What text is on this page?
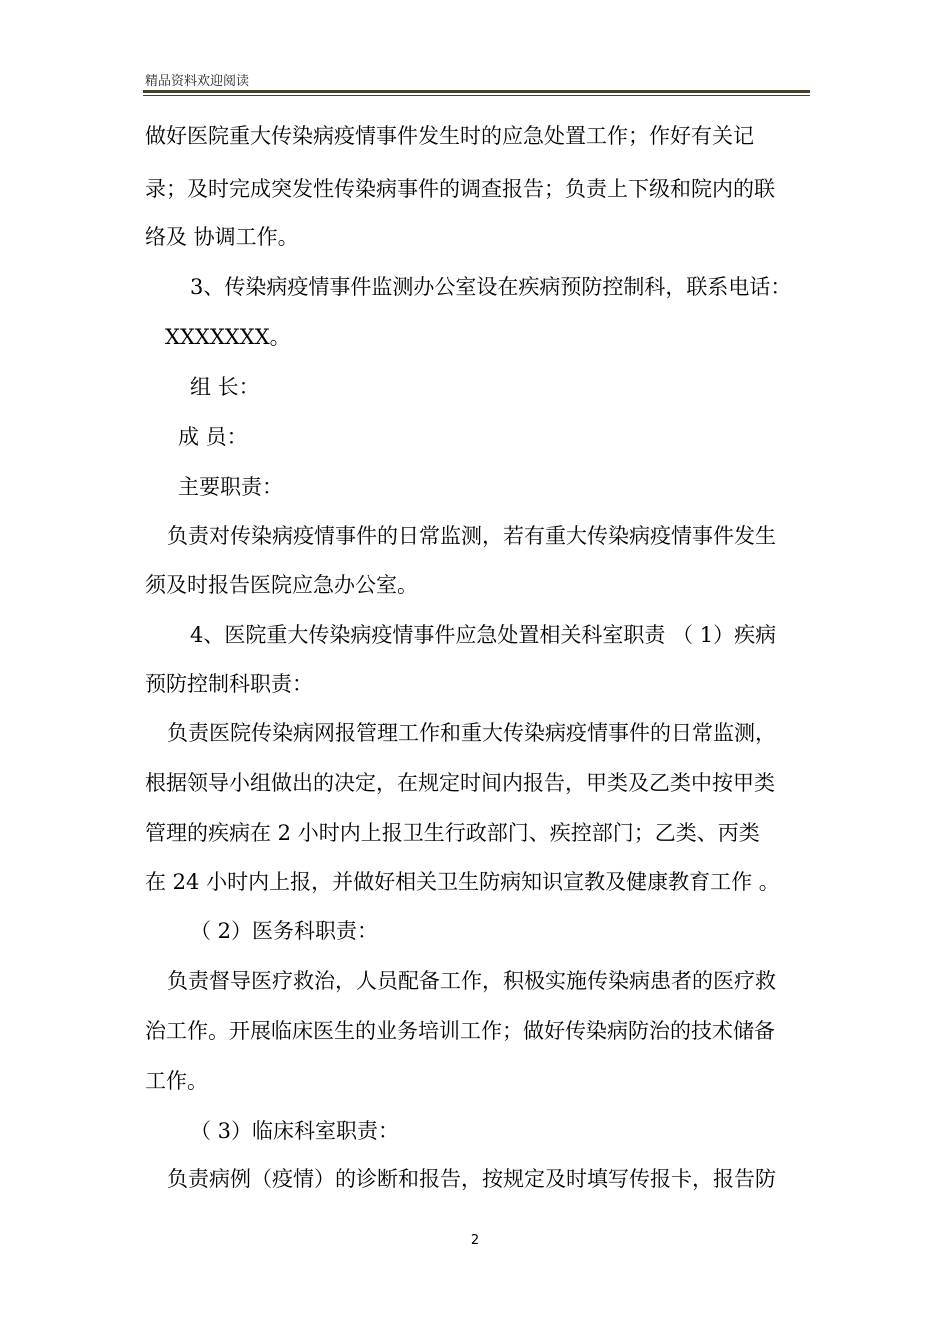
精品资料欢迎阅读
做好医院重大传染病疫情事件发生时的应急处置工作；作好有关记
录；及时完成突发性传染病事件的调查报告；负责上下级和院内的联
络及 协调工作。
3、传染病疫情事件监测办公室设在疾病预防控制科，联系电话：
XXXXXXX。
组 长：
成 员：
主要职责：
负责对传染病疫情事件的日常监测，若有重大传染病疫情事件发生
须及时报告医院应急办公室。
4、医院重大传染病疫情事件应急处置相关科室职责 （ 1）疾病
预防控制科职责：
负责医院传染病网报管理工作和重大传染病疫情事件的日常监测，
根据领导小组做出的决定，在规定时间内报告，甲类及乙类中按甲类
管理的疾病在 2 小时内上报卫生行政部门、疾控部门；乙类、丙类
在 24 小时内上报，并做好相关卫生防病知识宣教及健康教育工作 。
（ 2）医务科职责：
负责督导医疗救治，人员配备工作，积极实施传染病患者的医疗救
治工作。开展临床医生的业务培训工作；做好传染病防治的技术储备
工作。
（ 3）临床科室职责：
负责病例（疫情）的诊断和报告，按规定及时填写传报卡，报告防
2
